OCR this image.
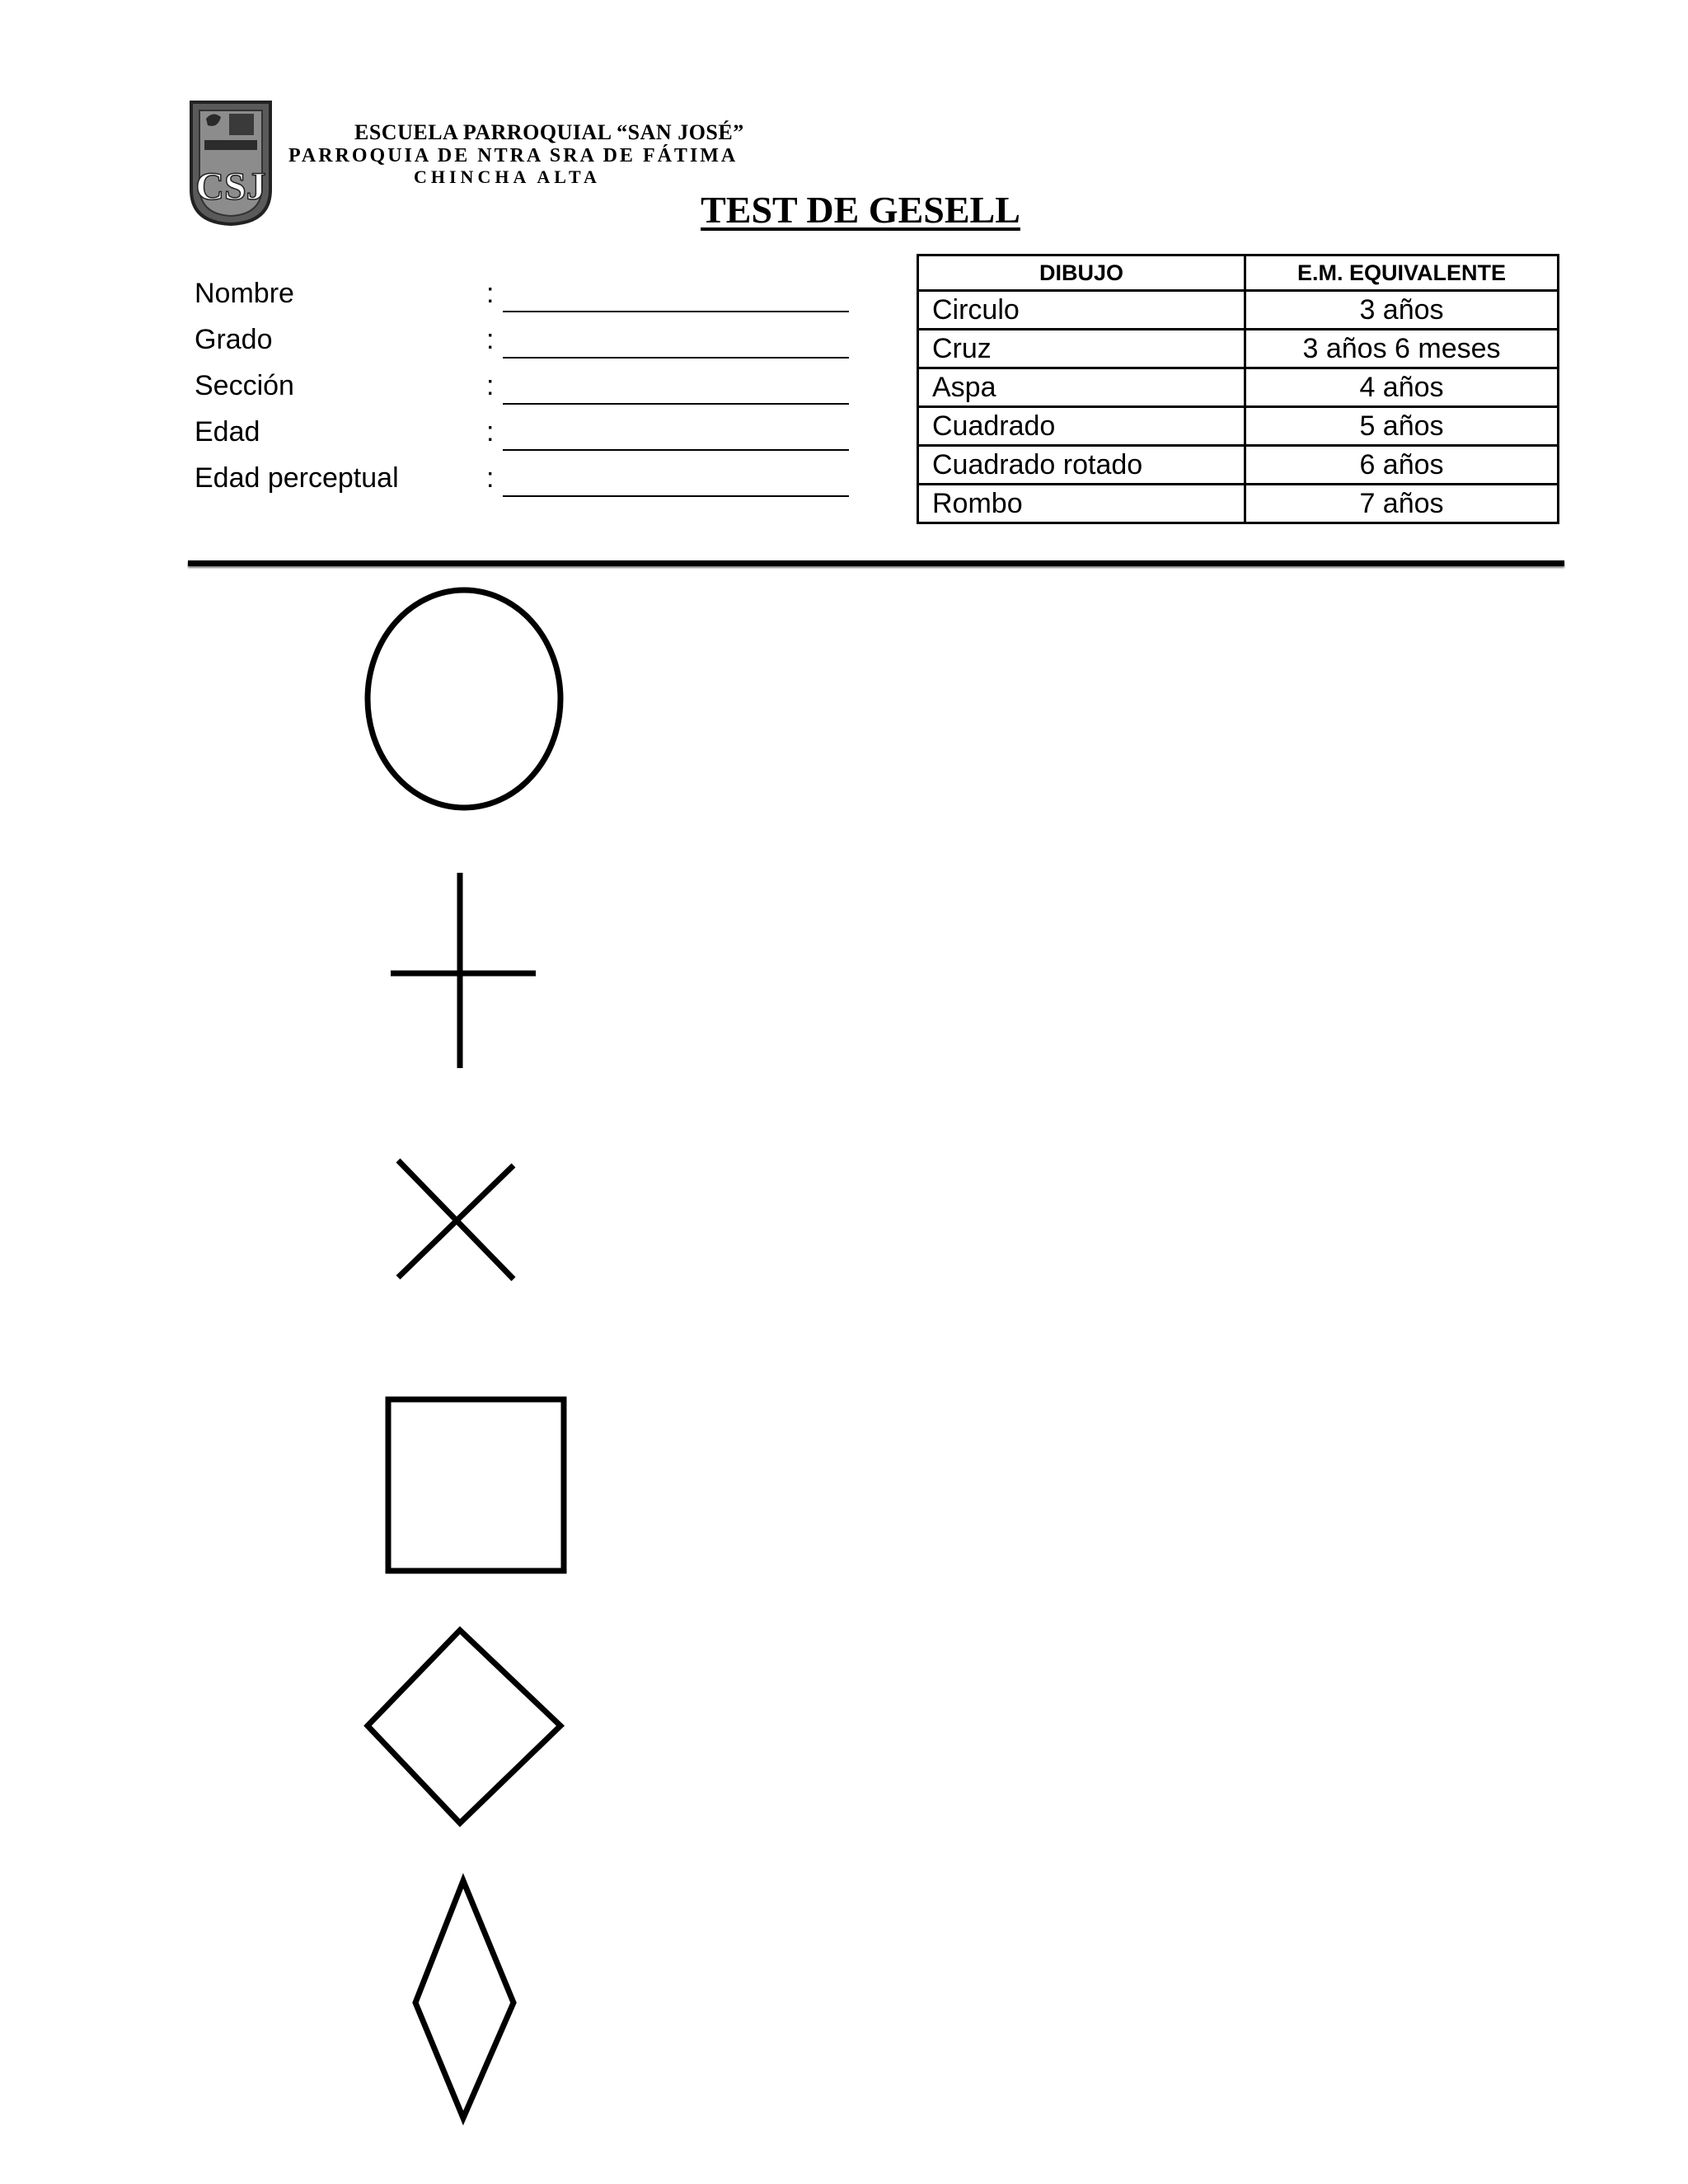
CSJ
ESCUELA PARROQUIAL “SAN JOSÉ”
PARROQUIA DE NTRA SRA DE FÁTIMA
CHINCHA ALTA
TEST DE GESELL
Nombre	:
Grado	:
Sección	:
Edad	:
Edad perceptual	:
DIBUJO	E.M. EQUIVALENTE
Circulo	3 años
Cruz	3 años 6 meses
Aspa	4 años
Cuadrado	5 años
Cuadrado rotado	6 años
Rombo	7 años
